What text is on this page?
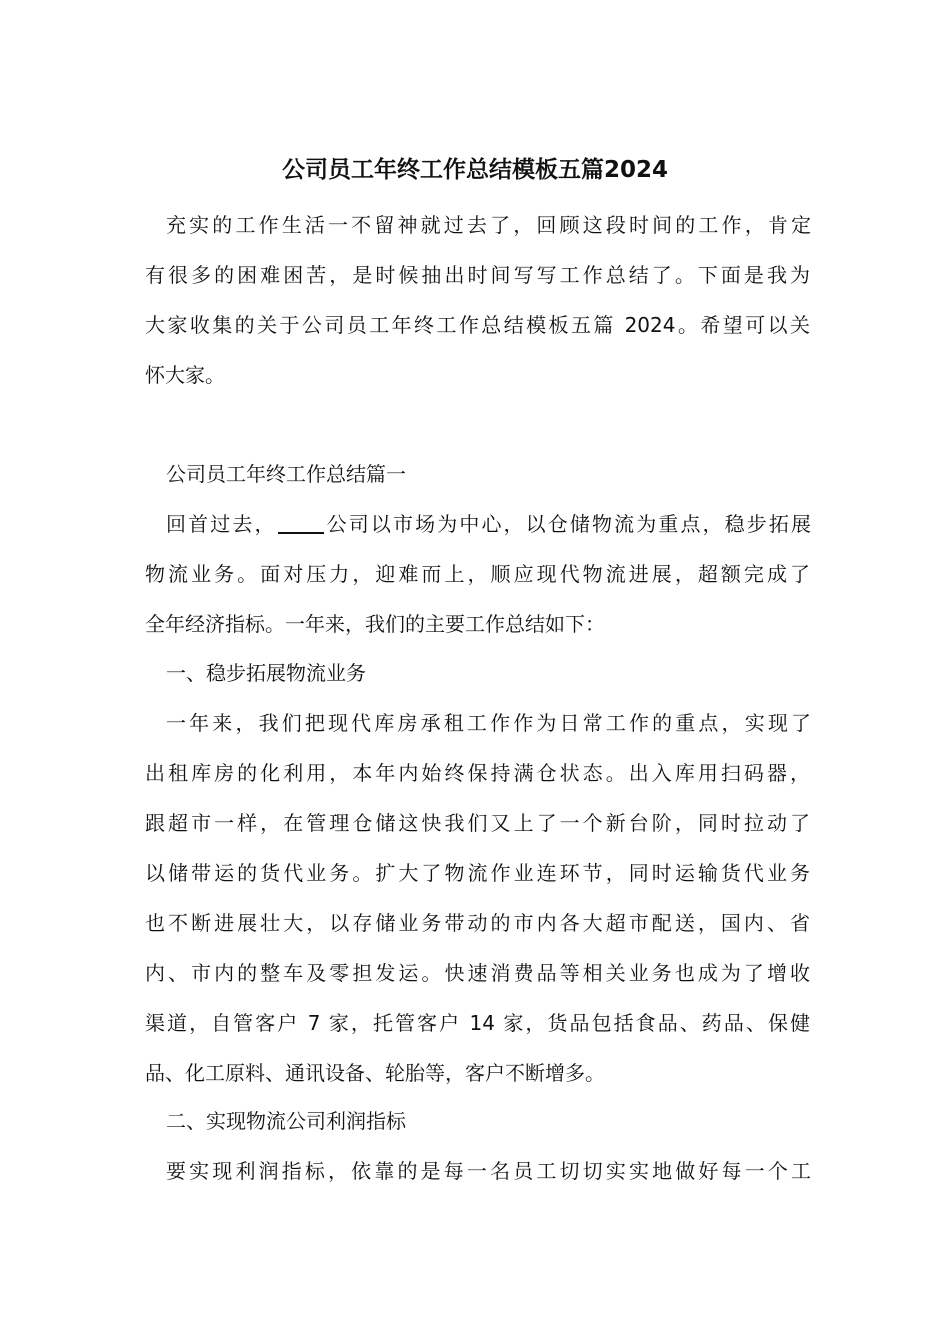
公司员工年终工作总结模板五篇2024
充实的工作生活一不留神就过去了，回顾这段时间的工作，肯定
有很多的困难困苦，是时候抽出时间写写工作总结了。下面是我为
大家收集的关于公司员工年终工作总结模板五篇 2024。希望可以关
怀大家。
公司员工年终工作总结篇一
回首过去， 公司以市场为中心，以仓储物流为重点，稳步拓展
物流业务。面对压力，迎难而上，顺应现代物流进展，超额完成了
全年经济指标。一年来，我们的主要工作总结如下：
一、稳步拓展物流业务
一年来，我们把现代库房承租工作作为日常工作的重点，实现了
出租库房的化利用，本年内始终保持满仓状态。出入库用扫码器，
跟超市一样，在管理仓储这快我们又上了一个新台阶，同时拉动了
以储带运的货代业务。扩大了物流作业连环节，同时运输货代业务
也不断进展壮大，以存储业务带动的市内各大超市配送，国内、省
内、市内的整车及零担发运。快速消费品等相关业务也成为了增收
渠道，自管客户 7 家，托管客户 14 家，货品包括食品、药品、保健
品、化工原料、通讯设备、轮胎等，客户不断增多。
二、实现物流公司利润指标
要实现利润指标，依靠的是每一名员工切切实实地做好每一个工
